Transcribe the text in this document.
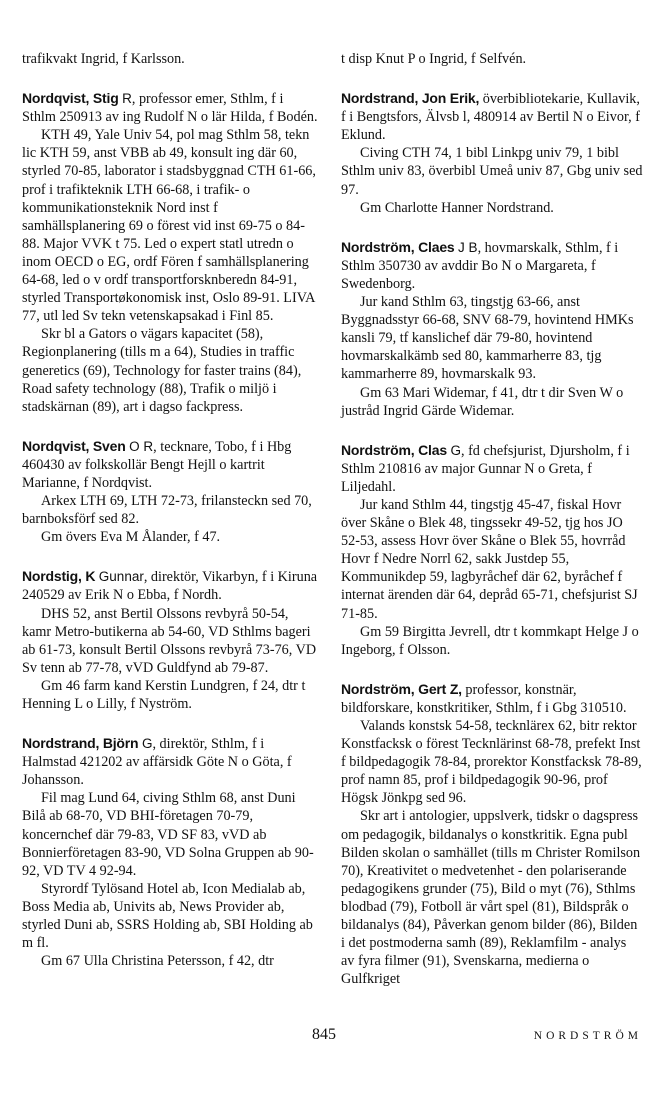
trafikvakt Ingrid, f Karlsson.

Nordqvist, Stig R, professor emer, Sthlm, f i Sthlm 250913 av ing Rudolf N o lär Hilda, f Bodén.

KTH 49, Yale Univ 54, pol mag Sthlm 58, tekn lic KTH 59, anst VBB ab 49, konsult ing där 60, styrled 70-85, laborator i stadsbyggnad CTH 61-66, prof i trafikteknik LTH 66-68, i trafik- o kommunikationsteknik Nord inst f samhällsplanering 69 o förest vid inst 69-75 o 84-88. Major VVK t 75. Led o expert statl utredn o inom OECD o EG, ordf Fören f samhällsplanering 64-68, led o v ordf transportforsknberedn 84-91, styrled Transportøkonomisk inst, Oslo 89-91. LIVA 77, utl led Sv tekn vetenskapsakad i Finl 85.

Skr bl a Gators o vägars kapacitet (58), Regionplanering (tills m a 64), Studies in traffic generetics (69), Technology for faster trains (84), Road safety technology (88), Trafik o miljö i stadskärnan (89), art i dagso fackpress.

Nordqvist, Sven O R, tecknare, Tobo, f i Hbg 460430 av folkskollär Bengt Hejll o kartrit Marianne, f Nordqvist.

Arkex LTH 69, LTH 72-73, frilansteckn sed 70, barnboksförf sed 82.

Gm övers Eva M Ålander, f 47.

Nordstig, K Gunnar, direktör, Vikarbyn, f i Kiruna 240529 av Erik N o Ebba, f Nordh.

DHS 52, anst Bertil Olssons revbyrå 50-54, kamr Metro-butikerna ab 54-60, VD Sthlms bageri ab 61-73, konsult Bertil Olssons revbyrå 73-76, VD Sv tenn ab 77-78, vVD Guldfynd ab 79-87.

Gm 46 farm kand Kerstin Lundgren, f 24, dtr t Henning L o Lilly, f Nyström.

Nordstrand, Björn G, direktör, Sthlm, f i Halmstad 421202 av affärsidk Göte N o Göta, f Johansson.

Fil mag Lund 64, civing Sthlm 68, anst Duni Bilå ab 68-70, VD BHI-företagen 70-79, koncernchef där 79-83, VD SF 83, vVD ab Bonnierföretagen 83-90, VD Solna Gruppen ab 90-92, VD TV 4 92-94.

Styrordf Tylösand Hotel ab, Icon Medialab ab, Boss Media ab, Univits ab, News Provider ab, styrled Duni ab, SSRS Holding ab, SBI Holding ab m fl.

Gm 67 Ulla Christina Petersson, f 42, dtr

t disp Knut P o Ingrid, f Selfvén.

Nordstrand, Jon Erik, överbibliotekarie, Kullavik, f i Bengtsfors, Älvsb l, 480914 av Bertil N o Eivor, f Eklund.

Civing CTH 74, 1 bibl Linkpg univ 79, 1 bibl Sthlm univ 83, överbibl Umeå univ 87, Gbg univ sed 97.

Gm Charlotte Hanner Nordstrand.

Nordström, Claes J B, hovmarskalk, Sthlm, f i Sthlm 350730 av avddir Bo N o Margareta, f Swedenborg.

Jur kand Sthlm 63, tingstjg 63-66, anst Byggnadsstyr 66-68, SNV 68-79, hovintend HMKs kansli 79, tf kanslichef där 79-80, hovintend hovmarskalkämb sed 80, kammarherre 83, tjg kammarherre 89, hovmarskalk 93.

Gm 63 Mari Widemar, f 41, dtr t dir Sven W o justråd Ingrid Gärde Widemar.

Nordström, Clas G, fd chefsjurist, Djursholm, f i Sthlm 210816 av major Gunnar N o Greta, f Liljedahl.

Jur kand Sthlm 44, tingstjg 45-47, fiskal Hovr över Skåne o Blek 48, tingssekr 49-52, tjg hos JO 52-53, assess Hovr över Skåne o Blek 55, hovrråd Hovr f Nedre Norrl 62, sakk Justdep 55, Kommunikdep 59, lagbyråchef där 62, byråchef f internat ärenden där 64, depråd 65-71, chefsjurist SJ 71-85.

Gm 59 Birgitta Jevrell, dtr t kommkapt Helge J o Ingeborg, f Olsson.

Nordström, Gert Z, professor, konstnär, bildforskare, konstkritiker, Sthlm, f i Gbg 310510.

Valands konstsk 54-58, tecknlärex 62, bitr rektor Konstfacksk o förest Tecknlärinst 68-78, prefekt Inst f bildpedagogik 78-84, prorektor Konstfacksk 78-89, prof namn 85, prof i bildpedagogik 90-96, prof Högsk Jönkpg sed 96.

Skr art i antologier, uppslverk, tidskr o dagspress om pedagogik, bildanalys o konstkritik. Egna publ Bilden skolan o samhället (tills m Christer Romilson 70), Kreativitet o medvetenhet - den polariserande pedagogikens grunder (75), Bild o myt (76), Sthlms blodbad (79), Fotboll är vårt spel (81), Bildspråk o bildanalys (84), Påverkan genom bilder (86), Bilden i det postmoderna samh (89), Reklamfilm - analys av fyra filmer (91), Svenskarna, medierna o Gulfkriget

845	NORDSTRÖM
